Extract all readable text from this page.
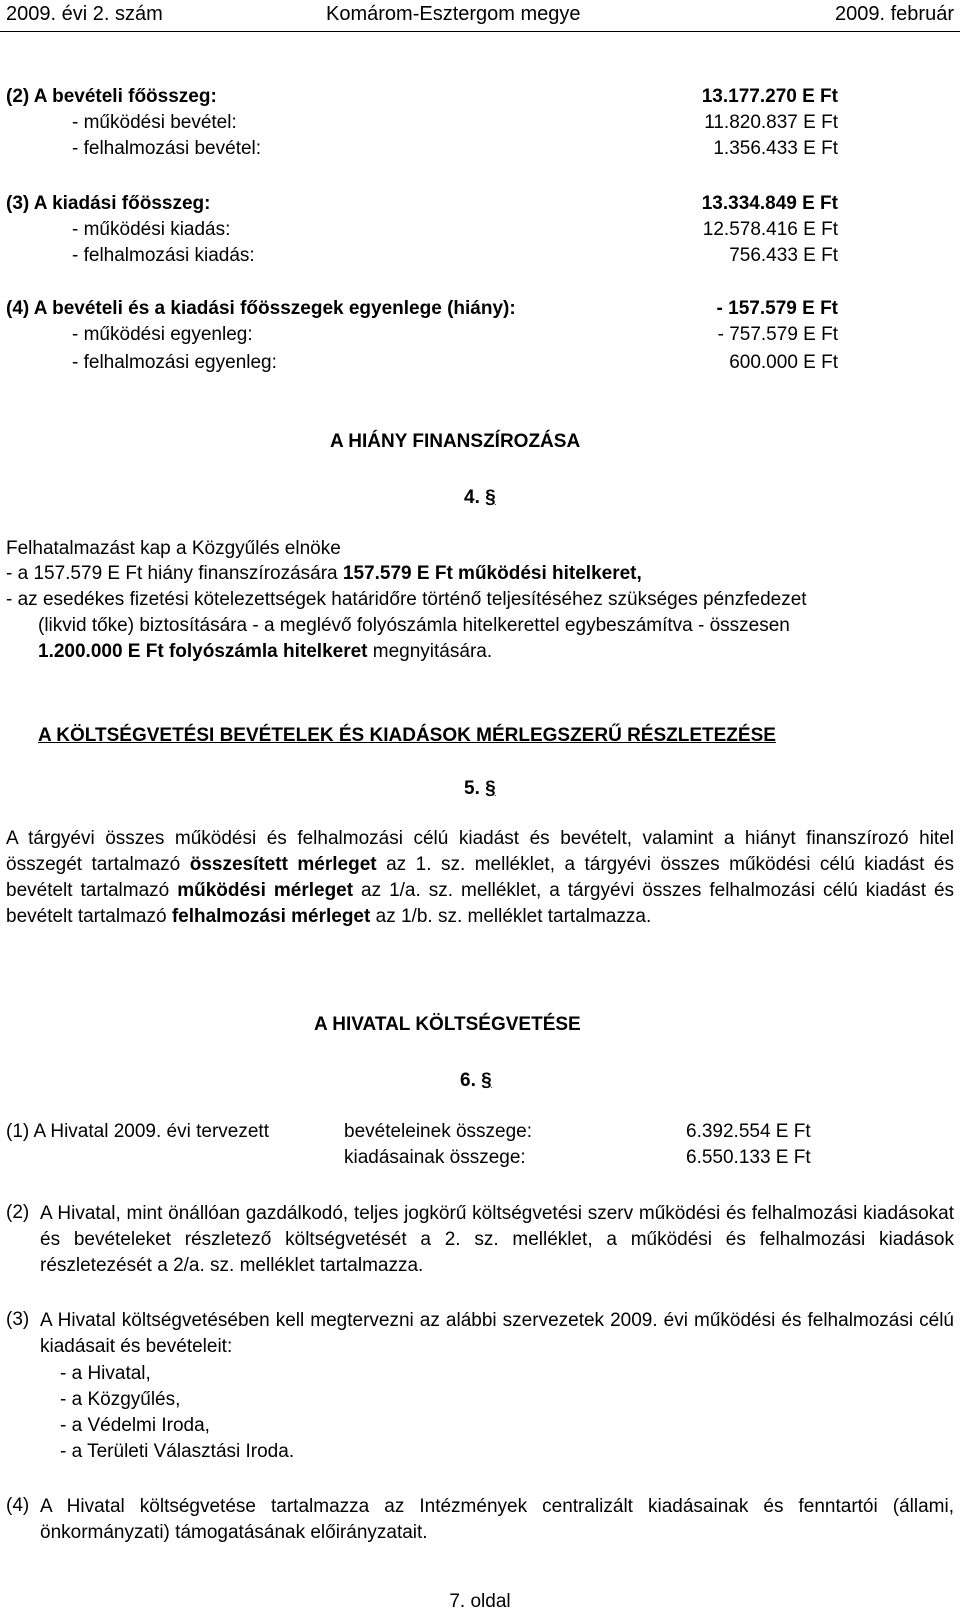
2009. évi 2. szám	Komárom-Esztergom megye	2009. február
(2) A bevételi főösszeg:	13.177.270 E Ft
- működési bevétel:	11.820.837 E Ft
- felhalmozási bevétel:	1.356.433 E Ft
(3) A kiadási főösszeg:	13.334.849 E Ft
- működési kiadás:	12.578.416 E Ft
- felhalmozási kiadás:	756.433 E Ft
(4) A bevételi és a kiadási főösszegek egyenlege (hiány):	- 157.579 E Ft
- működési egyenleg:	- 757.579 E Ft
- felhalmozási egyenleg:	600.000 E Ft
A HIÁNY FINANSZÍROZÁSA
4. §
Felhatalmazást kap a Közgyűlés elnöke
- a 157.579 E Ft hiány finanszírozására 157.579 E Ft működési hitelkeret,
- az esedékes fizetési kötelezettségek határidőre történő teljesítéséhez szükséges pénzfedezet
(likvid tőke) biztosítására - a meglévő folyószámla hitelkerettel egybeszámítva - összesen
1.200.000 E Ft folyószámla hitelkeret megnyitására.
A KÖLTSÉGVETÉSI BEVÉTELEK ÉS KIADÁSOK MÉRLEGSZERŰ RÉSZLETEZÉSE
5. §
A tárgyévi összes működési és felhalmozási célú kiadást és bevételt, valamint a hiányt finanszírozó hitel összegét tartalmazó összesített mérleget az 1. sz. melléklet, a tárgyévi összes működési célú kiadást és bevételt tartalmazó működési mérleget az 1/a. sz. melléklet, a tárgyévi összes felhalmozási célú kiadást és bevételt tartalmazó felhalmozási mérleget az 1/b. sz. melléklet tartalmazza.
A HIVATAL KÖLTSÉGVETÉSE
6. §
(1) A Hivatal 2009. évi tervezett	bevételeinek összege:	6.392.554 E Ft
kiadásainak összege:	6.550.133 E Ft
(2) A Hivatal, mint önállóan gazdálkodó, teljes jogkörű költségvetési szerv működési és felhalmozási kiadásokat és bevételeket részletező költségvetését a 2. sz. melléklet, a működési és felhalmozási kiadások részletezését a 2/a. sz. melléklet tartalmazza.
(3) A Hivatal költségvetésében kell megtervezni az alábbi szervezetek 2009. évi működési és felhalmozási célú kiadásait és bevételeit:
- a Hivatal,
- a Közgyűlés,
- a Védelmi Iroda,
- a Területi Választási Iroda.
(4) A Hivatal költségvetése tartalmazza az Intézmények centralizált kiadásainak és fenntartói (állami, önkormányzati) támogatásának előirányzatait.
7. oldal
